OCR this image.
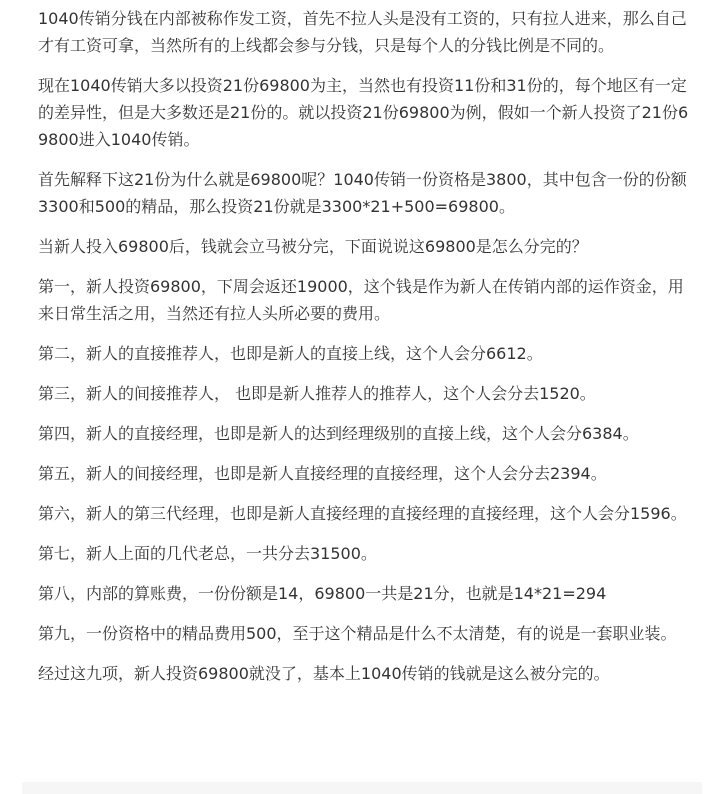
1040传销分钱在内部被称作发工资，首先不拉人头是没有工资的，只有拉人进来，那么自己才有工资可拿，当然所有的上线都会参与分钱，只是每个人的分钱比例是不同的。

现在1040传销大多以投资21份69800为主，当然也有投资11份和31份的，每个地区有一定的差异性，但是大多数还是21份的。就以投资21份69800为例，假如一个新人投资了21份69800进入1040传销。

首先解释下这21份为什么就是69800呢？1040传销一份资格是3800，其中包含一份的份额3300和500的精品，那么投资21份就是3300*21+500=69800。

当新人投入69800后，钱就会立马被分完，下面说说这69800是怎么分完的？

第一，新人投资69800，下周会返还19000，这个钱是作为新人在传销内部的运作资金，用来日常生活之用，当然还有拉人头所必要的费用。

第二，新人的直接推荐人，也即是新人的直接上线，这个人会分6612。

第三，新人的间接推荐人， 也即是新人推荐人的推荐人，这个人会分去1520。

第四，新人的直接经理，也即是新人的达到经理级别的直接上线，这个人会分6384。

第五，新人的间接经理，也即是新人直接经理的直接经理，这个人会分去2394。

第六，新人的第三代经理，也即是新人直接经理的直接经理的直接经理，这个人会分1596。

第七，新人上面的几代老总，一共分去31500。

第八，内部的算账费，一份份额是14，69800一共是21分，也就是14*21=294

第九，一份资格中的精品费用500，至于这个精品是什么不太清楚，有的说是一套职业装。

经过这九项，新人投资69800就没了，基本上1040传销的钱就是这么被分完的。
